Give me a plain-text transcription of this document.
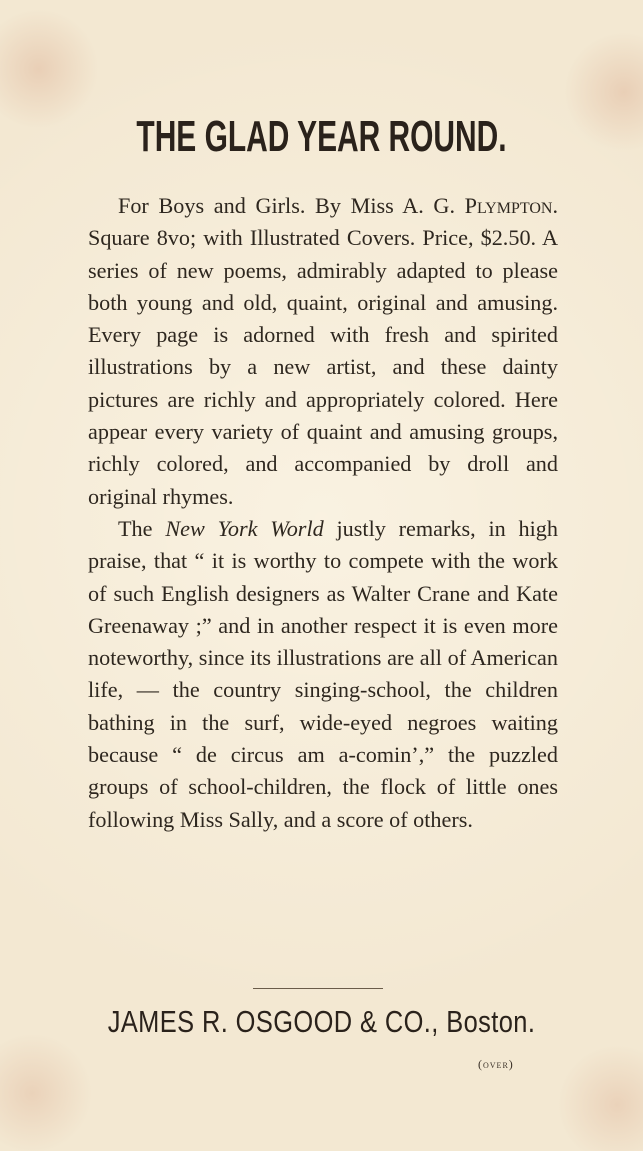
THE GLAD YEAR ROUND.

For Boys and Girls. By Miss A. G. Plympton. Square 8vo; with Illustrated Covers. Price, $2.50. A series of new poems, admirably adapted to please both young and old, quaint, original and amusing. Every page is adorned with fresh and spirited illustrations by a new artist, and these dainty pictures are richly and appropriately colored. Here appear every variety of quaint and amusing groups, richly colored, and accompanied by droll and original rhymes.

The New York World justly remarks, in high praise, that “ it is worthy to compete with the work of such English designers as Walter Crane and Kate Greenaway ;” and in another respect it is even more noteworthy, since its illustrations are all of American life, — the country singing-school, the children bathing in the surf, wide-eyed negroes waiting because “ de circus am a-comin’,” the puzzled groups of school-children, the flock of little ones following Miss Sally, and a score of others.

JAMES R. OSGOOD & CO., Boston.
(over)
